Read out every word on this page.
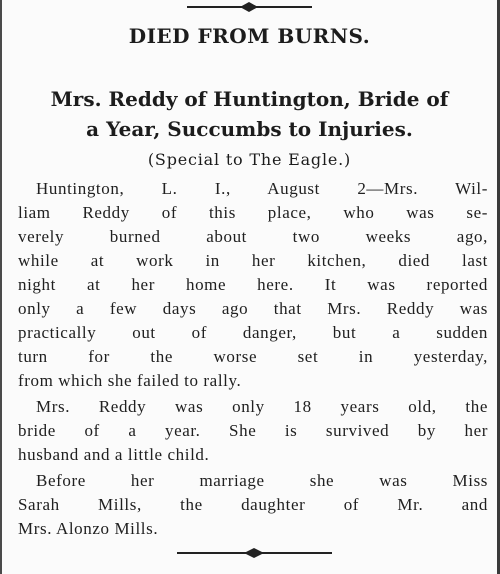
DIED FROM BURNS.
Mrs. Reddy of Huntington, Bride of
a Year, Succumbs to Injuries.
(Special to The Eagle.)
Huntington, L. I., August 2—Mrs. Wil-
liam Reddy of this place, who was se-
verely burned about two weeks ago,
while at work in her kitchen, died last
night at her home here. It was reported
only a few days ago that Mrs. Reddy was
practically out of danger, but a sudden
turn for the worse set in yesterday,
from which she failed to rally.
Mrs. Reddy was only 18 years old, the
bride of a year. She is survived by her
husband and a little child.
Before her marriage she was Miss
Sarah Mills, the daughter of Mr. and
Mrs. Alonzo Mills.
